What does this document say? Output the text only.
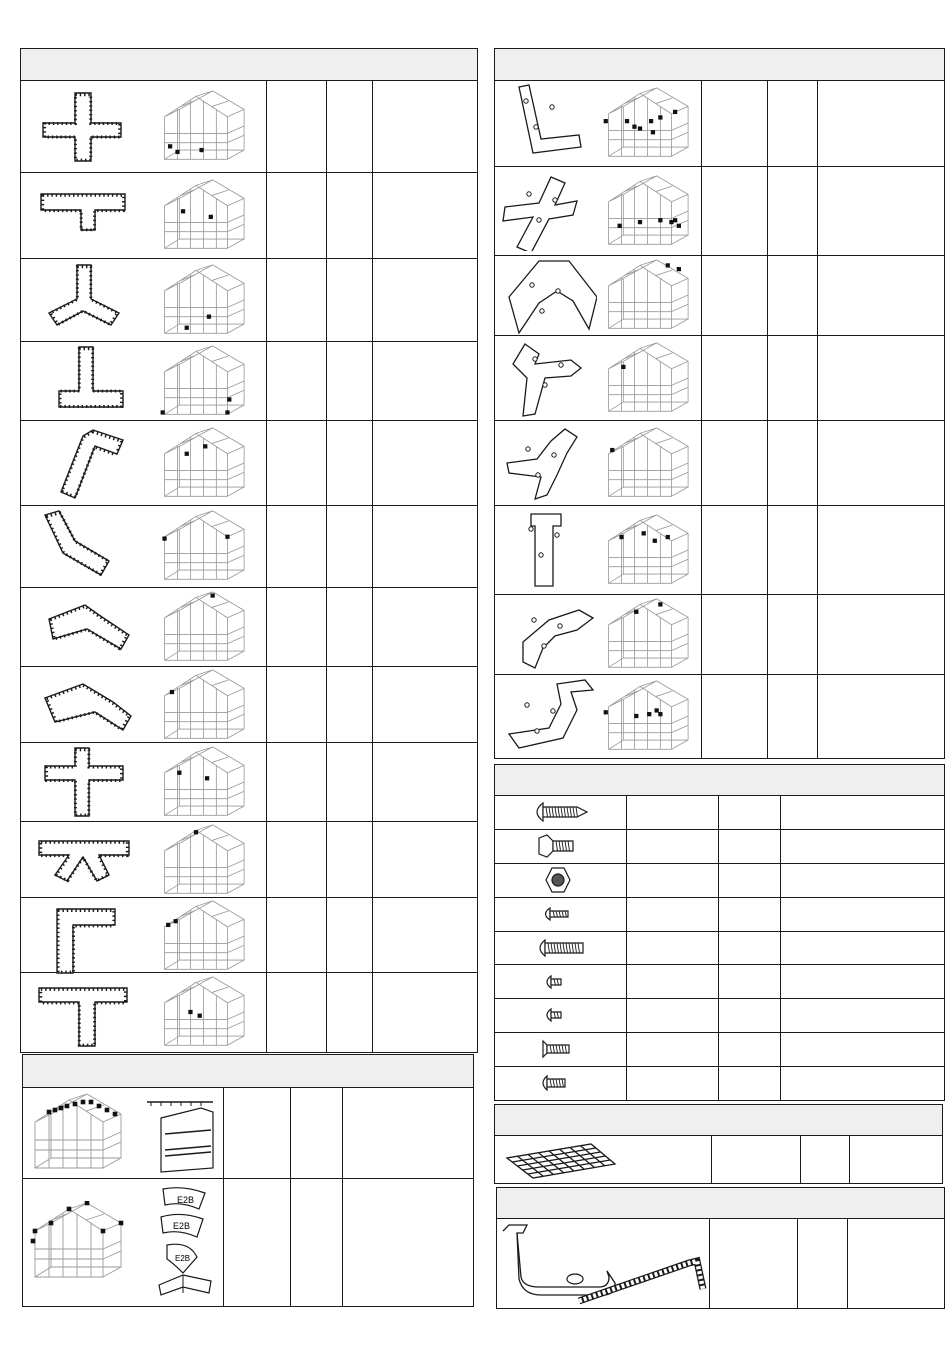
E2B
E2B
E2B
